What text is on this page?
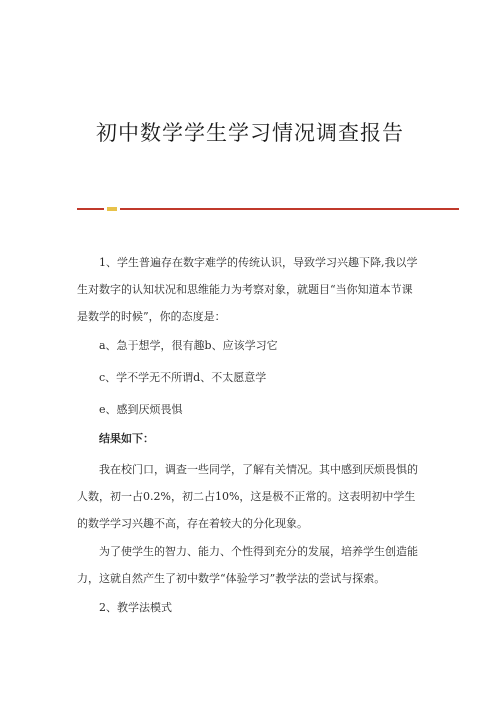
初中数学学生学习情况调查报告

1、学生普遍存在数字难学的传统认识，导致学习兴趣下降,我以学生对数字的认知状况和思维能力为考察对象，就题目“当你知道本节课是数学的时候”，你的态度是：

a、急于想学，很有趣b、应该学习它

c、学不学无不所谓d、不太愿意学

e、感到厌烦畏惧

结果如下：

我在校门口，调查一些同学，了解有关情况。其中感到厌烦畏惧的人数，初一占0.2%，初二占10%，这是极不正常的。这表明初中学生的数学学习兴趣不高，存在着较大的分化现象。

为了使学生的智力、能力、个性得到充分的发展，培养学生创造能力，这就自然产生了初中数学“体验学习”教学法的尝试与探索。

2、教学法模式
